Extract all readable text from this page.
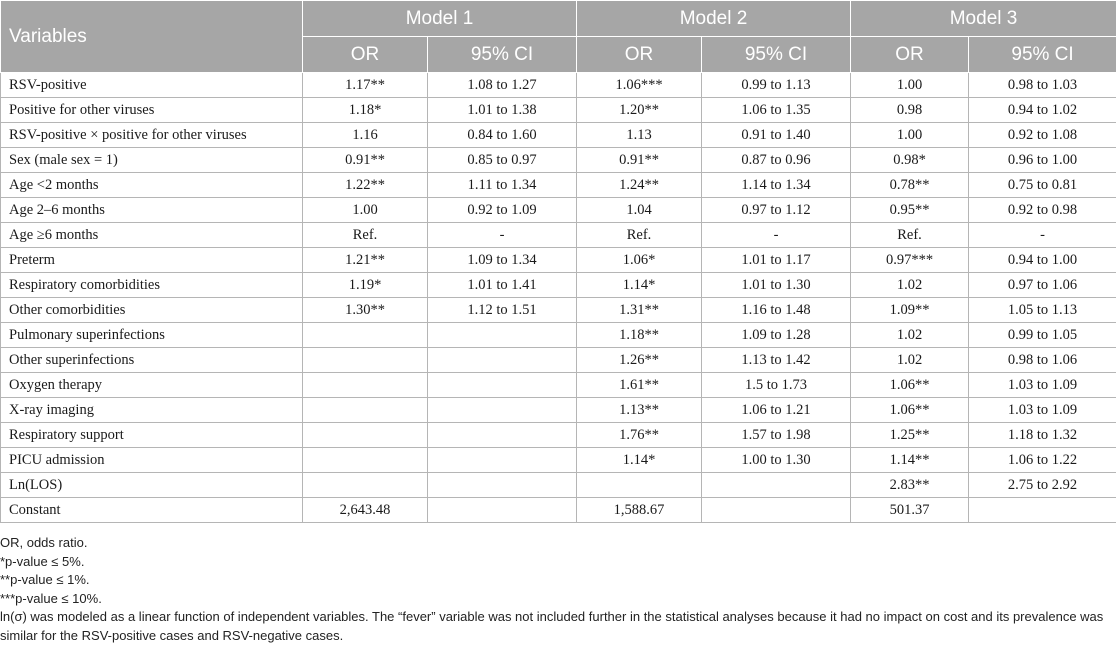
Variables	Model 1		Model 2		Model 3	
	OR	95% CI	OR	95% CI	OR	95% CI
RSV-positive	1.17**	1.08 to 1.27	1.06***	0.99 to 1.13	1.00	0.98 to 1.03
Positive for other viruses	1.18*	1.01 to 1.38	1.20**	1.06 to 1.35	0.98	0.94 to 1.02
RSV-positive × positive for other viruses	1.16	0.84 to 1.60	1.13	0.91 to 1.40	1.00	0.92 to 1.08
Sex (male sex = 1)	0.91**	0.85 to 0.97	0.91**	0.87 to 0.96	0.98*	0.96 to 1.00
Age <2 months	1.22**	1.11 to 1.34	1.24**	1.14 to 1.34	0.78**	0.75 to 0.81
Age 2–6 months	1.00	0.92 to 1.09	1.04	0.97 to 1.12	0.95**	0.92 to 0.98
Age ≥6 months	Ref.	-	Ref.	-	Ref.	-
Preterm	1.21**	1.09 to 1.34	1.06*	1.01 to 1.17	0.97***	0.94 to 1.00
Respiratory comorbidities	1.19*	1.01 to 1.41	1.14*	1.01 to 1.30	1.02	0.97 to 1.06
Other comorbidities	1.30**	1.12 to 1.51	1.31**	1.16 to 1.48	1.09**	1.05 to 1.13
Pulmonary superinfections			1.18**	1.09 to 1.28	1.02	0.99 to 1.05
Other superinfections			1.26**	1.13 to 1.42	1.02	0.98 to 1.06
Oxygen therapy			1.61**	1.5 to 1.73	1.06**	1.03 to 1.09
X-ray imaging			1.13**	1.06 to 1.21	1.06**	1.03 to 1.09
Respiratory support			1.76**	1.57 to 1.98	1.25**	1.18 to 1.32
PICU admission			1.14*	1.00 to 1.30	1.14**	1.06 to 1.22
Ln(LOS)					2.83**	2.75 to 2.92
Constant	2,643.48		1,588.67		501.37	
OR, odds ratio.
*p-value ≤ 5%.
**p-value ≤ 1%.
***p-value ≤ 10%.
ln(σ) was modeled as a linear function of independent variables. The “fever” variable was not included further in the statistical analyses because it had no impact on cost and its prevalence was similar for the RSV-positive cases and RSV-negative cases.
